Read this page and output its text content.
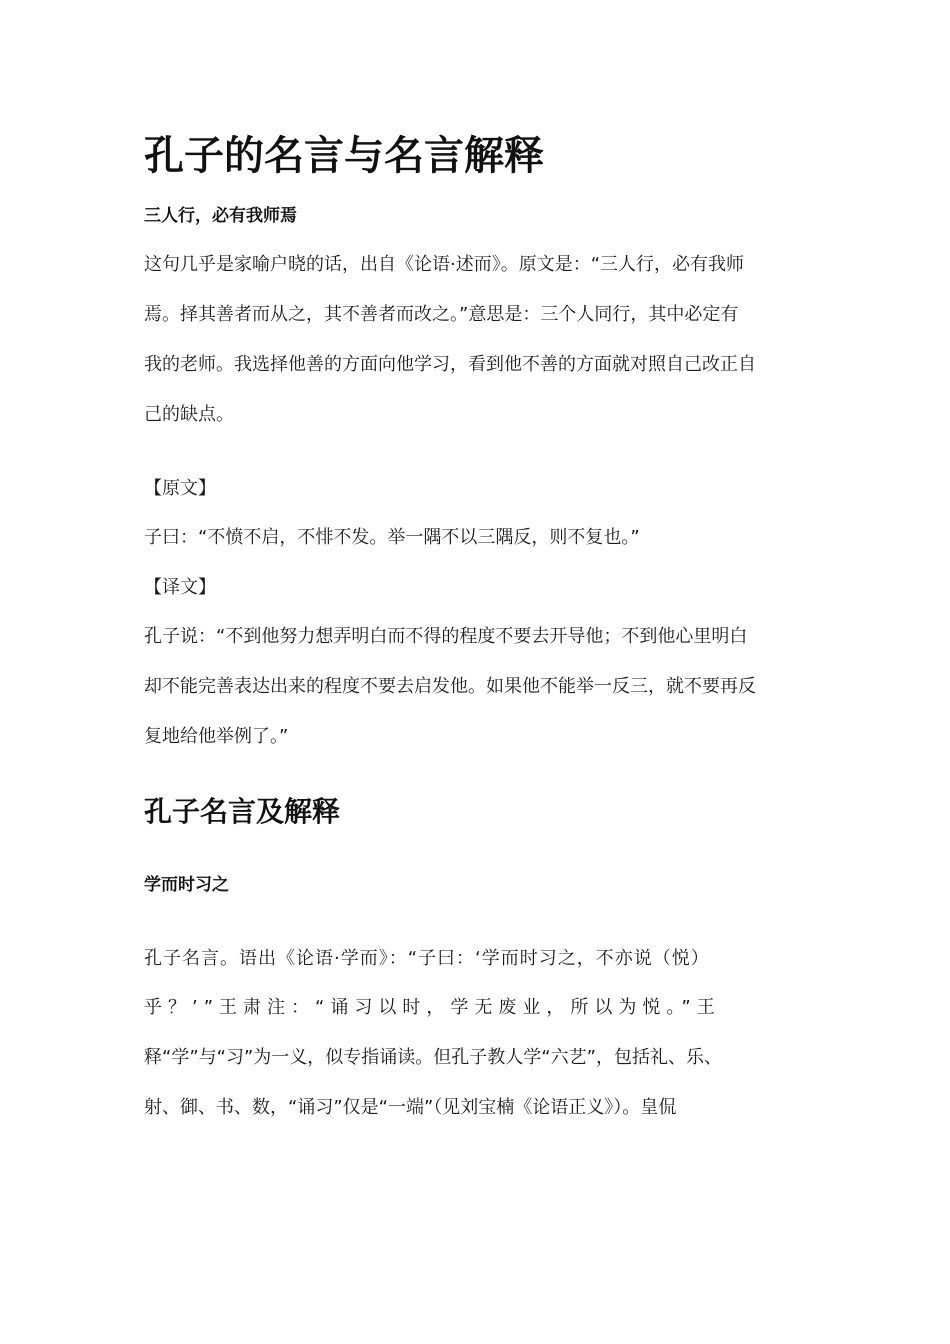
孔子的名言与名言解释
三人行，必有我师焉
这句几乎是家喻户晓的话，出自《论语·述而》。原文是：“三人行，必有我师
焉。择其善者而从之，其不善者而改之。”意思是：三个人同行，其中必定有
我的老师。我选择他善的方面向他学习，看到他不善的方面就对照自己改正自
己的缺点。
【原文】
子曰：“不愤不启，不悱不发。举一隅不以三隅反，则不复也。”
【译文】
孔子说：“不到他努力想弄明白而不得的程度不要去开导他；不到他心里明白
却不能完善表达出来的程度不要去启发他。如果他不能举一反三，就不要再反
复地给他举例了。”
孔子名言及解释
学而时习之
孔子名言。语出《论语·学而》：“子曰：‘学而时习之，不亦说（悦）
乎？’”王肃注：“诵习以时，学无废业，所以为悦。”王
释“学”与“习”为一义，似专指诵读。但孔子教人学“六艺”，包括礼、乐、
射、御、书、数，“诵习”仅是“一端”（见刘宝楠《论语正义》）。皇侃
